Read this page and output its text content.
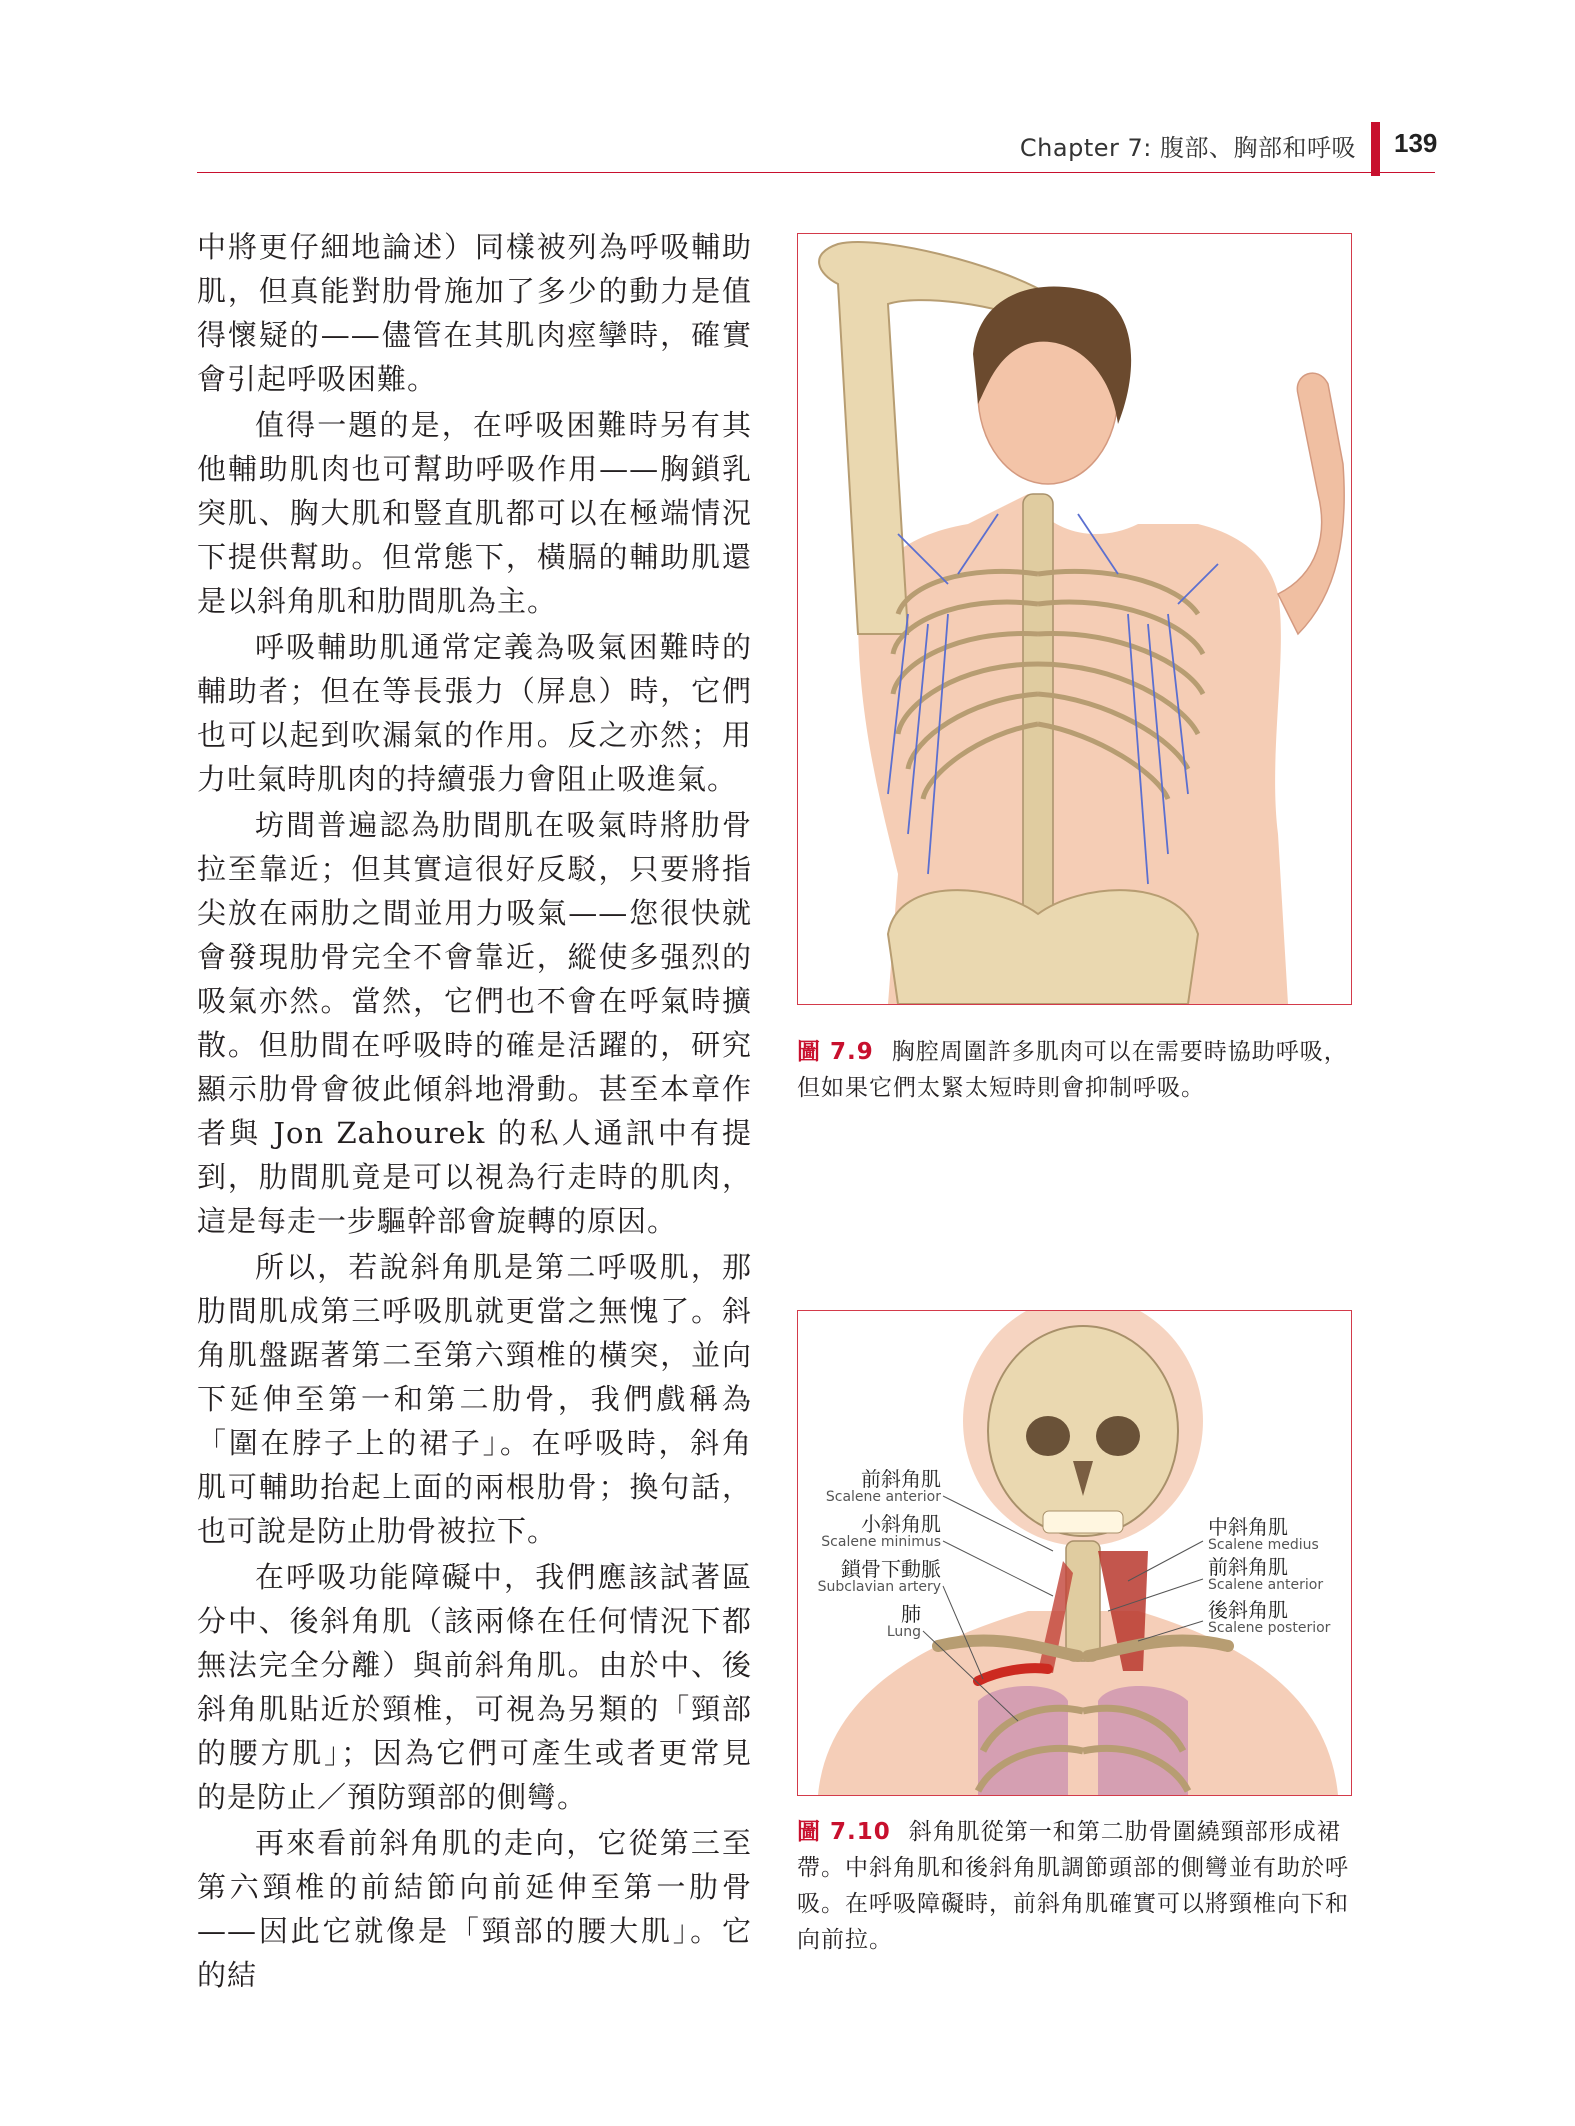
Chapter 7: 腹部、胸部和呼吸 139

中將更仔細地論述）同樣被列為呼吸輔助肌，但真能對肋骨施加了多少的動力是值得懷疑的——儘管在其肌肉痙攣時，確實會引起呼吸困難。

值得一題的是，在呼吸困難時另有其他輔助肌肉也可幫助呼吸作用——胸鎖乳突肌、胸大肌和豎直肌都可以在極端情況下提供幫助。但常態下，橫膈的輔助肌還是以斜角肌和肋間肌為主。

呼吸輔助肌通常定義為吸氣困難時的輔助者；但在等長張力（屏息）時，它們也可以起到吹漏氣的作用。反之亦然；用力吐氣時肌肉的持續張力會阻止吸進氣。

坊間普遍認為肋間肌在吸氣時將肋骨拉至靠近；但其實這很好反駁，只要將指尖放在兩肋之間並用力吸氣——您很快就會發現肋骨完全不會靠近，縱使多强烈的吸氣亦然。當然，它們也不會在呼氣時擴散。但肋間在呼吸時的確是活躍的，研究顯示肋骨會彼此傾斜地滑動。甚至本章作者與 Jon Zahourek 的私人通訊中有提到，肋間肌竟是可以視為行走時的肌肉，這是每走一步驅幹部會旋轉的原因。

所以，若說斜角肌是第二呼吸肌，那肋間肌成第三呼吸肌就更當之無愧了。斜角肌盤踞著第二至第六頸椎的橫突，並向下延伸至第一和第二肋骨，我們戲稱為「圍在脖子上的裙子」。在呼吸時，斜角肌可輔助抬起上面的兩根肋骨；換句話，也可說是防止肋骨被拉下。

在呼吸功能障礙中，我們應該試著區分中、後斜角肌（該兩條在任何情況下都無法完全分離）與前斜角肌。由於中、後斜角肌貼近於頸椎，可視為另類的「頸部的腰方肌」；因為它們可產生或者更常見的是防止／預防頸部的側彎。

再來看前斜角肌的走向，它從第三至第六頸椎的前結節向前延伸至第一肋骨——因此它就像是「頸部的腰大肌」。它的結

圖 7.9 胸腔周圍許多肌肉可以在需要時協助呼吸，但如果它們太緊太短時則會抑制呼吸。
前斜角肌
Scalene anterior
小斜角肌
Scalene minimus
鎖骨下動脈
Subclavian artery
肺
Lung
中斜角肌
Scalene medius
前斜角肌
Scalene anterior
後斜角肌
Scalene posterior
圖 7.10 斜角肌從第一和第二肋骨圍繞頸部形成裙帶。中斜角肌和後斜角肌調節頭部的側彎並有助於呼吸。在呼吸障礙時，前斜角肌確實可以將頸椎向下和向前拉。
